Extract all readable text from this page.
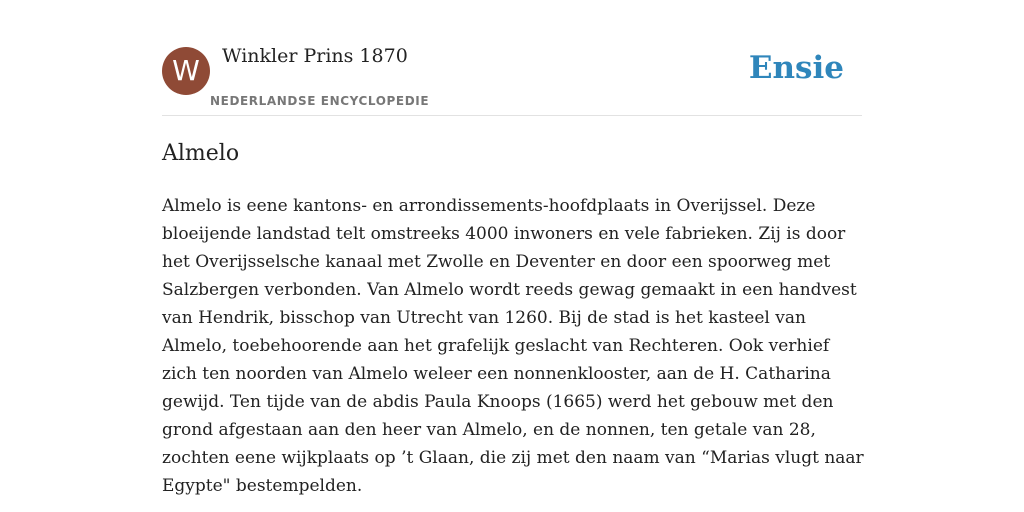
W	Winkler Prins 1870
NEDERLANDSE ENCYCLOPEDIE
Ensie
Almelo
Almelo is eene kantons- en arrondissements-hoofdplaats in Overijssel. Deze
bloeijende landstad telt omstreeks 4000 inwoners en vele fabrieken. Zij is door
het Overijsselsche kanaal met Zwolle en Deventer en door een spoorweg met
Salzbergen verbonden. Van Almelo wordt reeds gewag gemaakt in een handvest
van Hendrik, bisschop van Utrecht van 1260. Bij de stad is het kasteel van
Almelo, toebehoorende aan het grafelijk geslacht van Rechteren. Ook verhief
zich ten noorden van Almelo weleer een nonnenklooster, aan de H. Catharina
gewijd. Ten tijde van de abdis Paula Knoops (1665) werd het gebouw met den
grond afgestaan aan den heer van Almelo, en de nonnen, ten getale van 28,
zochten eene wijkplaats op ’t Glaan, die zij met den naam van “Marias vlugt naar
Egypte" bestempelden.
